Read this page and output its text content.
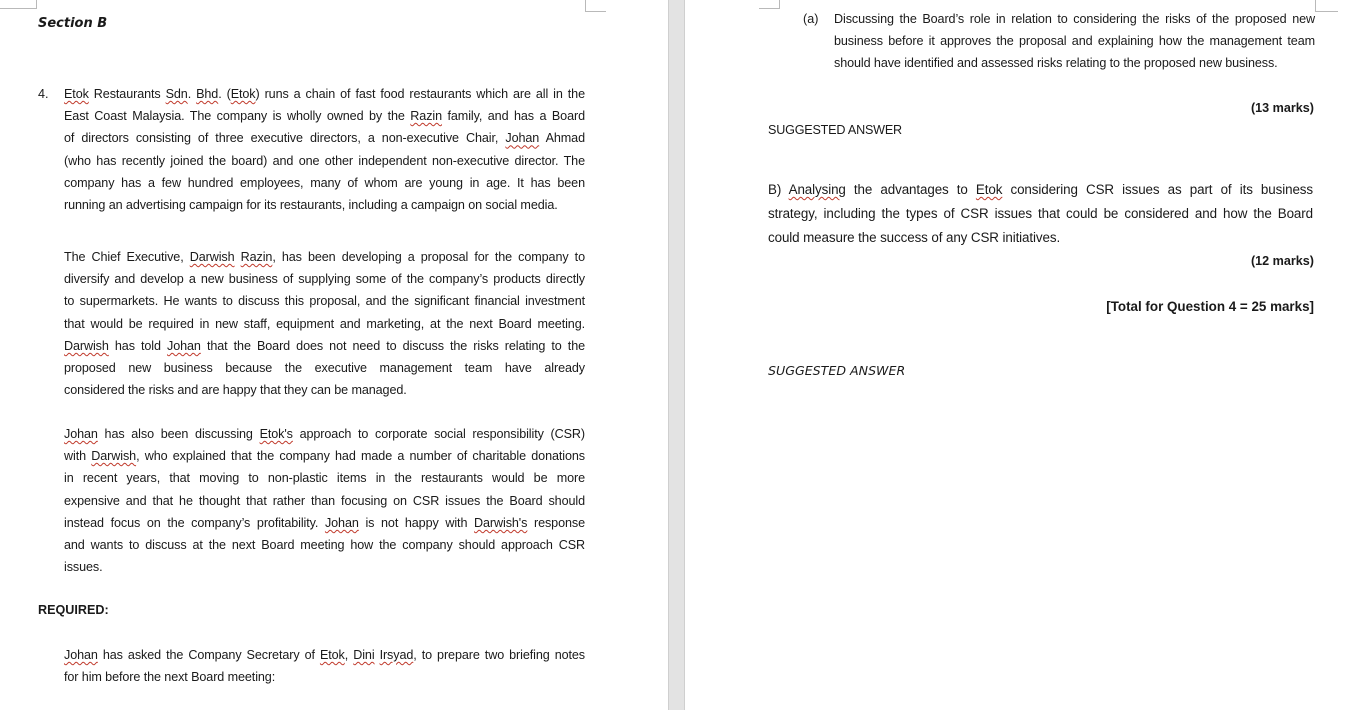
Section B
4. Etok Restaurants Sdn. Bhd. (Etok) runs a chain of fast food restaurants which are all in the
East Coast Malaysia. The company is wholly owned by the Razin family, and has a Board
of directors consisting of three executive directors, a non-executive Chair, Johan Ahmad
(who has recently joined the board) and one other independent non-executive director. The
company has a few hundred employees, many of whom are young in age. It has been
running an advertising campaign for its restaurants, including a campaign on social media.
The Chief Executive, Darwish Razin, has been developing a proposal for the company to
diversify and develop a new business of supplying some of the company’s products directly
to supermarkets. He wants to discuss this proposal, and the significant financial investment
that would be required in new staff, equipment and marketing, at the next Board meeting.
Darwish has told Johan that the Board does not need to discuss the risks relating to the
proposed new business because the executive management team have already
considered the risks and are happy that they can be managed.
Johan has also been discussing Etok's approach to corporate social responsibility (CSR)
with Darwish, who explained that the company had made a number of charitable donations
in recent years, that moving to non-plastic items in the restaurants would be more
expensive and that he thought that rather than focusing on CSR issues the Board should
instead focus on the company’s profitability. Johan is not happy with Darwish's response
and wants to discuss at the next Board meeting how the company should approach CSR
issues.
REQUIRED:
Johan has asked the Company Secretary of Etok, Dini Irsyad, to prepare two briefing notes
for him before the next Board meeting:
(a) Discussing the Board’s role in relation to considering the risks of the proposed new
business before it approves the proposal and explaining how the management team
should have identified and assessed risks relating to the proposed new business.
(13 marks)
SUGGESTED ANSWER
B) Analysing the advantages to Etok considering CSR issues as part of its business
strategy, including the types of CSR issues that could be considered and how the Board
could measure the success of any CSR initiatives.
(12 marks)
[Total for Question 4 = 25 marks]
SUGGESTED ANSWER
